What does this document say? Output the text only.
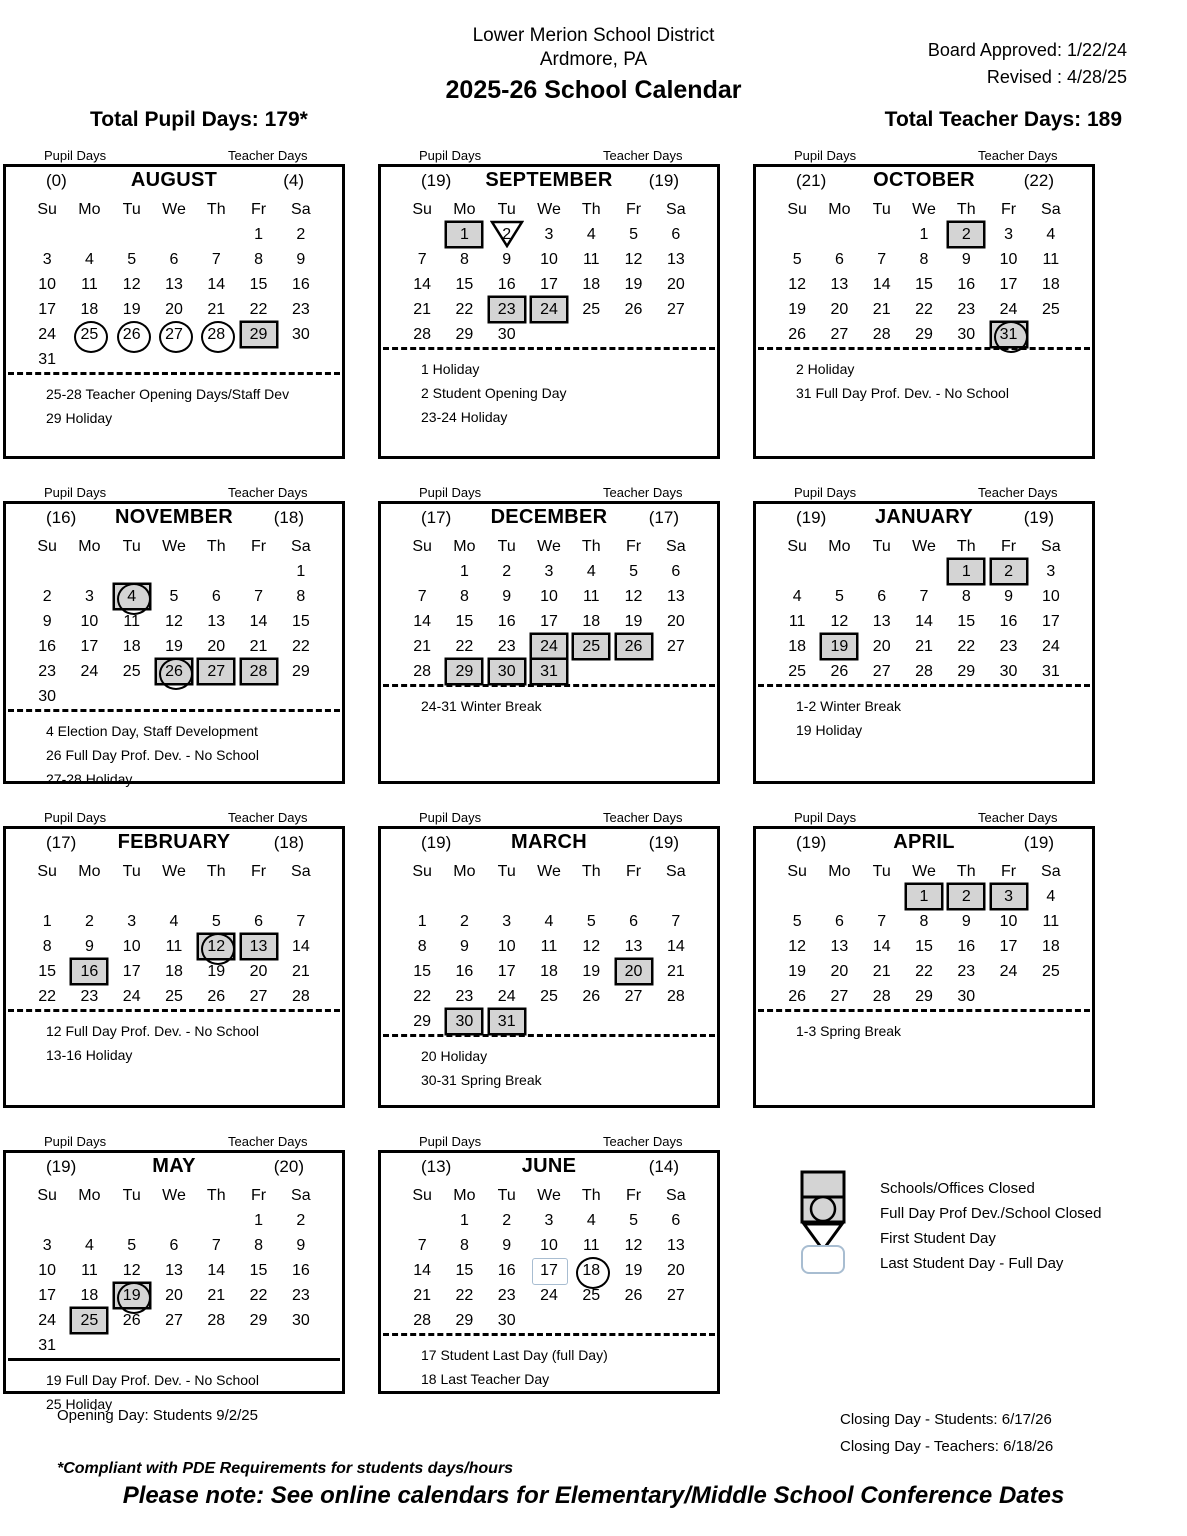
Lower Merion School District
Ardmore, PA
2025-26 School Calendar
Board Approved: 1/22/24
Revised : 4/28/25
Total Pupil Days: 179*	Total Teacher Days: 189
Pupil Days	Teacher Days
(0)	AUGUST	(4)
Su	Mo	Tu	We	Th	Fr	Sa
					1	2
3	4	5	6	7	8	9
10	11	12	13	14	15	16
17	18	19	20	21	22	23
24	25	26	27	28	29	30
31						
25-28 Teacher Opening Days/Staff Dev
29 Holiday
Pupil Days	Teacher Days
(19)	SEPTEMBER	(19)
Su	Mo	Tu	We	Th	Fr	Sa
	1	2	3	4	5	6
7	8	9	10	11	12	13
14	15	16	17	18	19	20
21	22	23	24	25	26	27
28	29	30				
1 Holiday
2 Student Opening Day
23-24 Holiday
Pupil Days	Teacher Days
(21)	OCTOBER	(22)
Su	Mo	Tu	We	Th	Fr	Sa
			1	2	3	4
5	6	7	8	9	10	11
12	13	14	15	16	17	18
19	20	21	22	23	24	25
26	27	28	29	30	31

2 Holiday
31 Full Day Prof. Dev. - No School
Pupil Days	Teacher Days
(16)	NOVEMBER	(18)
Su	Mo	Tu	We	Th	Fr	Sa
						1
2	3	4	5	6	7	8
9	10	11	12	13	14	15
16	17	18	19	20	21	22
23	24	25	26	27	28	29
30						
4 Election Day, Staff Development
26 Full Day Prof. Dev. - No School
27-28 Holiday
Pupil Days	Teacher Days
(17)	DECEMBER	(17)
Su	Mo	Tu	We	Th	Fr	Sa
	1	2	3	4	5	6
7	8	9	10	11	12	13
14	15	16	17	18	19	20
21	22	23	24	25	26	27
28	29	30	31			
24-31 Winter Break
Pupil Days	Teacher Days
(19)	JANUARY	(19)
Su	Mo	Tu	We	Th	Fr	Sa
				1	2	3
4	5	6	7	8	9	10
11	12	13	14	15	16	17
18	19	20	21	22	23	24
25	26	27	28	29	30	31
1-2 Winter Break
19 Holiday
Pupil Days	Teacher Days
(17)	FEBRUARY	(18)
Su	Mo	Tu	We	Th	Fr	Sa

1	2	3	4	5	6	7
8	9	10	11	12	13	14
15	16	17	18	19	20	21
22	23	24	25	26	27	28
12 Full Day Prof. Dev. - No School
13-16 Holiday
Pupil Days	Teacher Days
(19)	MARCH	(19)
Su	Mo	Tu	We	Th	Fr	Sa

1	2	3	4	5	6	7
8	9	10	11	12	13	14
15	16	17	18	19	20	21
22	23	24	25	26	27	28
29	30	31				
20 Holiday
30-31 Spring Break
Pupil Days	Teacher Days
(19)	APRIL	(19)
Su	Mo	Tu	We	Th	Fr	Sa
			1	2	3	4
5	6	7	8	9	10	11
12	13	14	15	16	17	18
19	20	21	22	23	24	25
26	27	28	29	30		
1-3 Spring Break
Pupil Days	Teacher Days
(19)	MAY	(20)
Su	Mo	Tu	We	Th	Fr	Sa
					1	2
3	4	5	6	7	8	9
10	11	12	13	14	15	16
17	18	19	20	21	22	23
24	25	26	27	28	29	30
31						
19 Full Day Prof. Dev. - No School
25 Holiday
Pupil Days	Teacher Days
(13)	JUNE	(14)
Su	Mo	Tu	We	Th	Fr	Sa
	1	2	3	4	5	6
7	8	9	10	11	12	13
14	15	16	17	18	19	20
21	22	23	24	25	26	27
28	29	30				
17 Student Last Day (full Day)
18 Last Teacher Day
Schools/Offices Closed
Full Day Prof Dev./School Closed
First Student Day
Last Student Day - Full Day
Opening Day: Students 9/2/25	Closing Day - Students: 6/17/26
Closing Day - Teachers: 6/18/26
*Compliant with PDE Requirements for students days/hours
Please note: See online calendars for Elementary/Middle School Conference Dates
